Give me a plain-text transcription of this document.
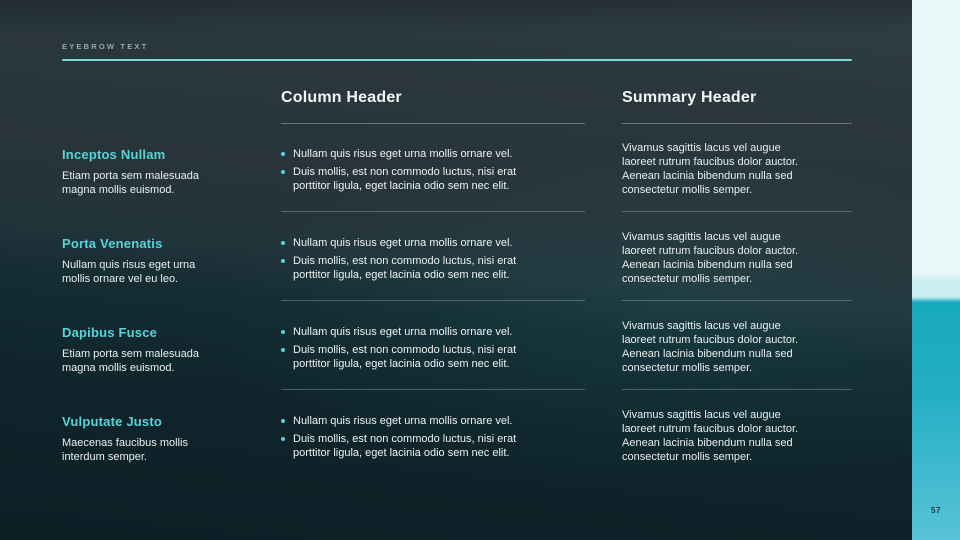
57
EYEBROW TEXT
Column Header	Summary Header
Inceptos Nullam

Etiam porta sem malesuada magna mollis euismod.

Nullam quis risus eget urna mollis ornare vel.
Duis mollis, est non commodo luctus, nisi erat porttitor ligula, eget lacinia odio sem nec elit.

Vivamus sagittis lacus vel augue laoreet rutrum faucibus dolor auctor. Aenean lacinia bibendum nulla sed consectetur mollis semper.

Porta Venenatis

Nullam quis risus eget urna mollis ornare vel eu leo.

Nullam quis risus eget urna mollis ornare vel.
Duis mollis, est non commodo luctus, nisi erat porttitor ligula, eget lacinia odio sem nec elit.

Vivamus sagittis lacus vel augue laoreet rutrum faucibus dolor auctor. Aenean lacinia bibendum nulla sed consectetur mollis semper.

Dapibus Fusce

Etiam porta sem malesuada magna mollis euismod.

Nullam quis risus eget urna mollis ornare vel.
Duis mollis, est non commodo luctus, nisi erat porttitor ligula, eget lacinia odio sem nec elit.

Vivamus sagittis lacus vel augue laoreet rutrum faucibus dolor auctor. Aenean lacinia bibendum nulla sed consectetur mollis semper.

Vulputate Justo

Maecenas faucibus mollis interdum semper.

Nullam quis risus eget urna mollis ornare vel.
Duis mollis, est non commodo luctus, nisi erat porttitor ligula, eget lacinia odio sem nec elit.

Vivamus sagittis lacus vel augue laoreet rutrum faucibus dolor auctor. Aenean lacinia bibendum nulla sed consectetur mollis semper.
